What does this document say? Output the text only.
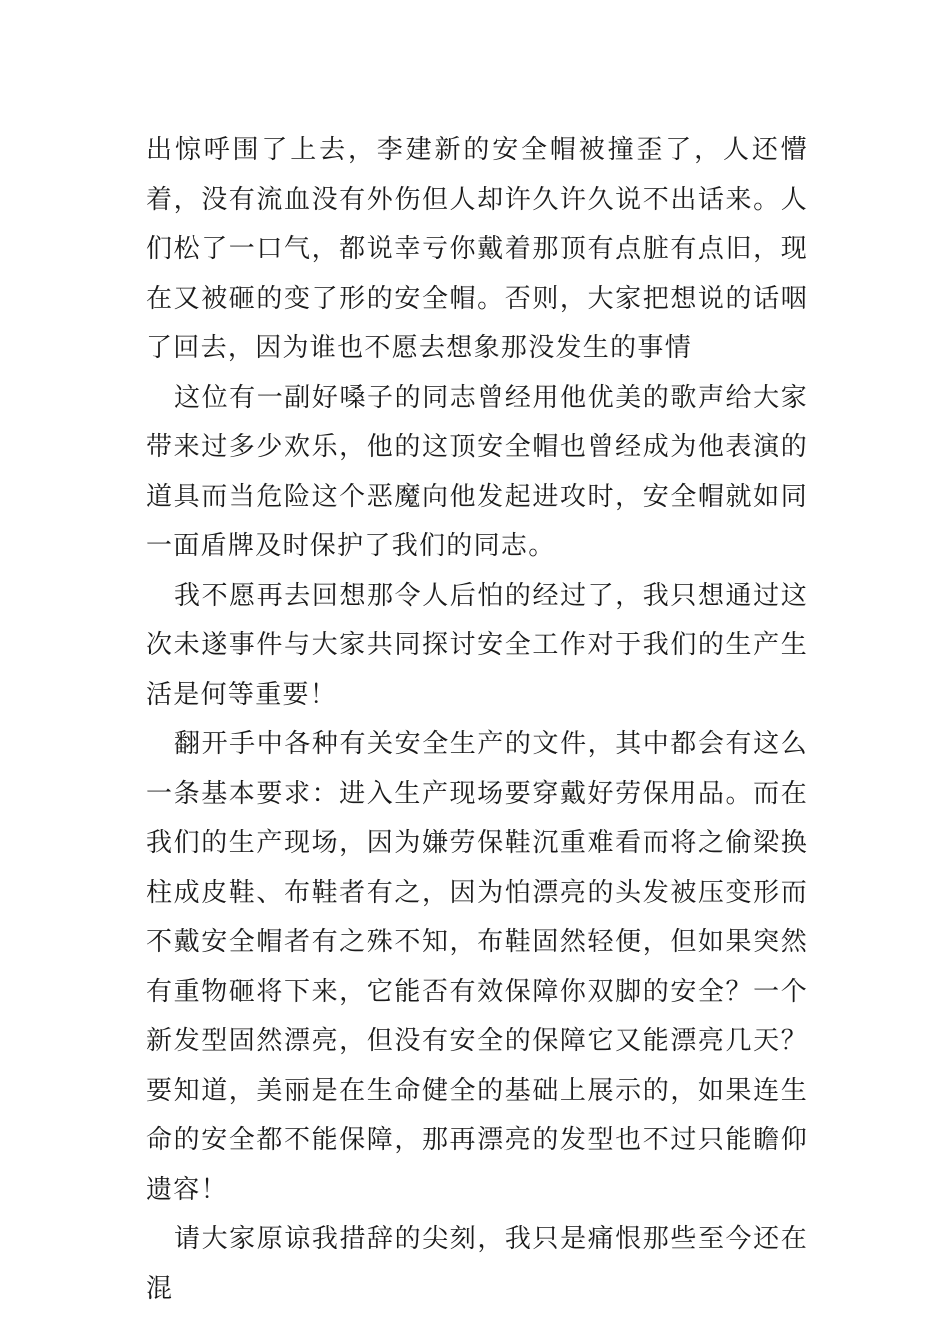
出惊呼围了上去，李建新的安全帽被撞歪了，人还懵着，没有流血没有外伤但人却许久许久说不出话来。人们松了一口气，都说幸亏你戴着那顶有点脏有点旧，现在又被砸的变了形的安全帽。否则，大家把想说的话咽了回去，因为谁也不愿去想象那没发生的事情

这位有一副好嗓子的同志曾经用他优美的歌声给大家带来过多少欢乐，他的这顶安全帽也曾经成为他表演的道具而当危险这个恶魔向他发起进攻时，安全帽就如同一面盾牌及时保护了我们的同志。

我不愿再去回想那令人后怕的经过了，我只想通过这次未遂事件与大家共同探讨安全工作对于我们的生产生活是何等重要！

翻开手中各种有关安全生产的文件，其中都会有这么一条基本要求：进入生产现场要穿戴好劳保用品。而在我们的生产现场，因为嫌劳保鞋沉重难看而将之偷梁换柱成皮鞋、布鞋者有之，因为怕漂亮的头发被压变形而不戴安全帽者有之殊不知，布鞋固然轻便，但如果突然有重物砸将下来，它能否有效保障你双脚的安全？一个新发型固然漂亮，但没有安全的保障它又能漂亮几天？要知道，美丽是在生命健全的基础上展示的，如果连生命的安全都不能保障，那再漂亮的发型也不过只能瞻仰遗容！

请大家原谅我措辞的尖刻，我只是痛恨那些至今还在混
